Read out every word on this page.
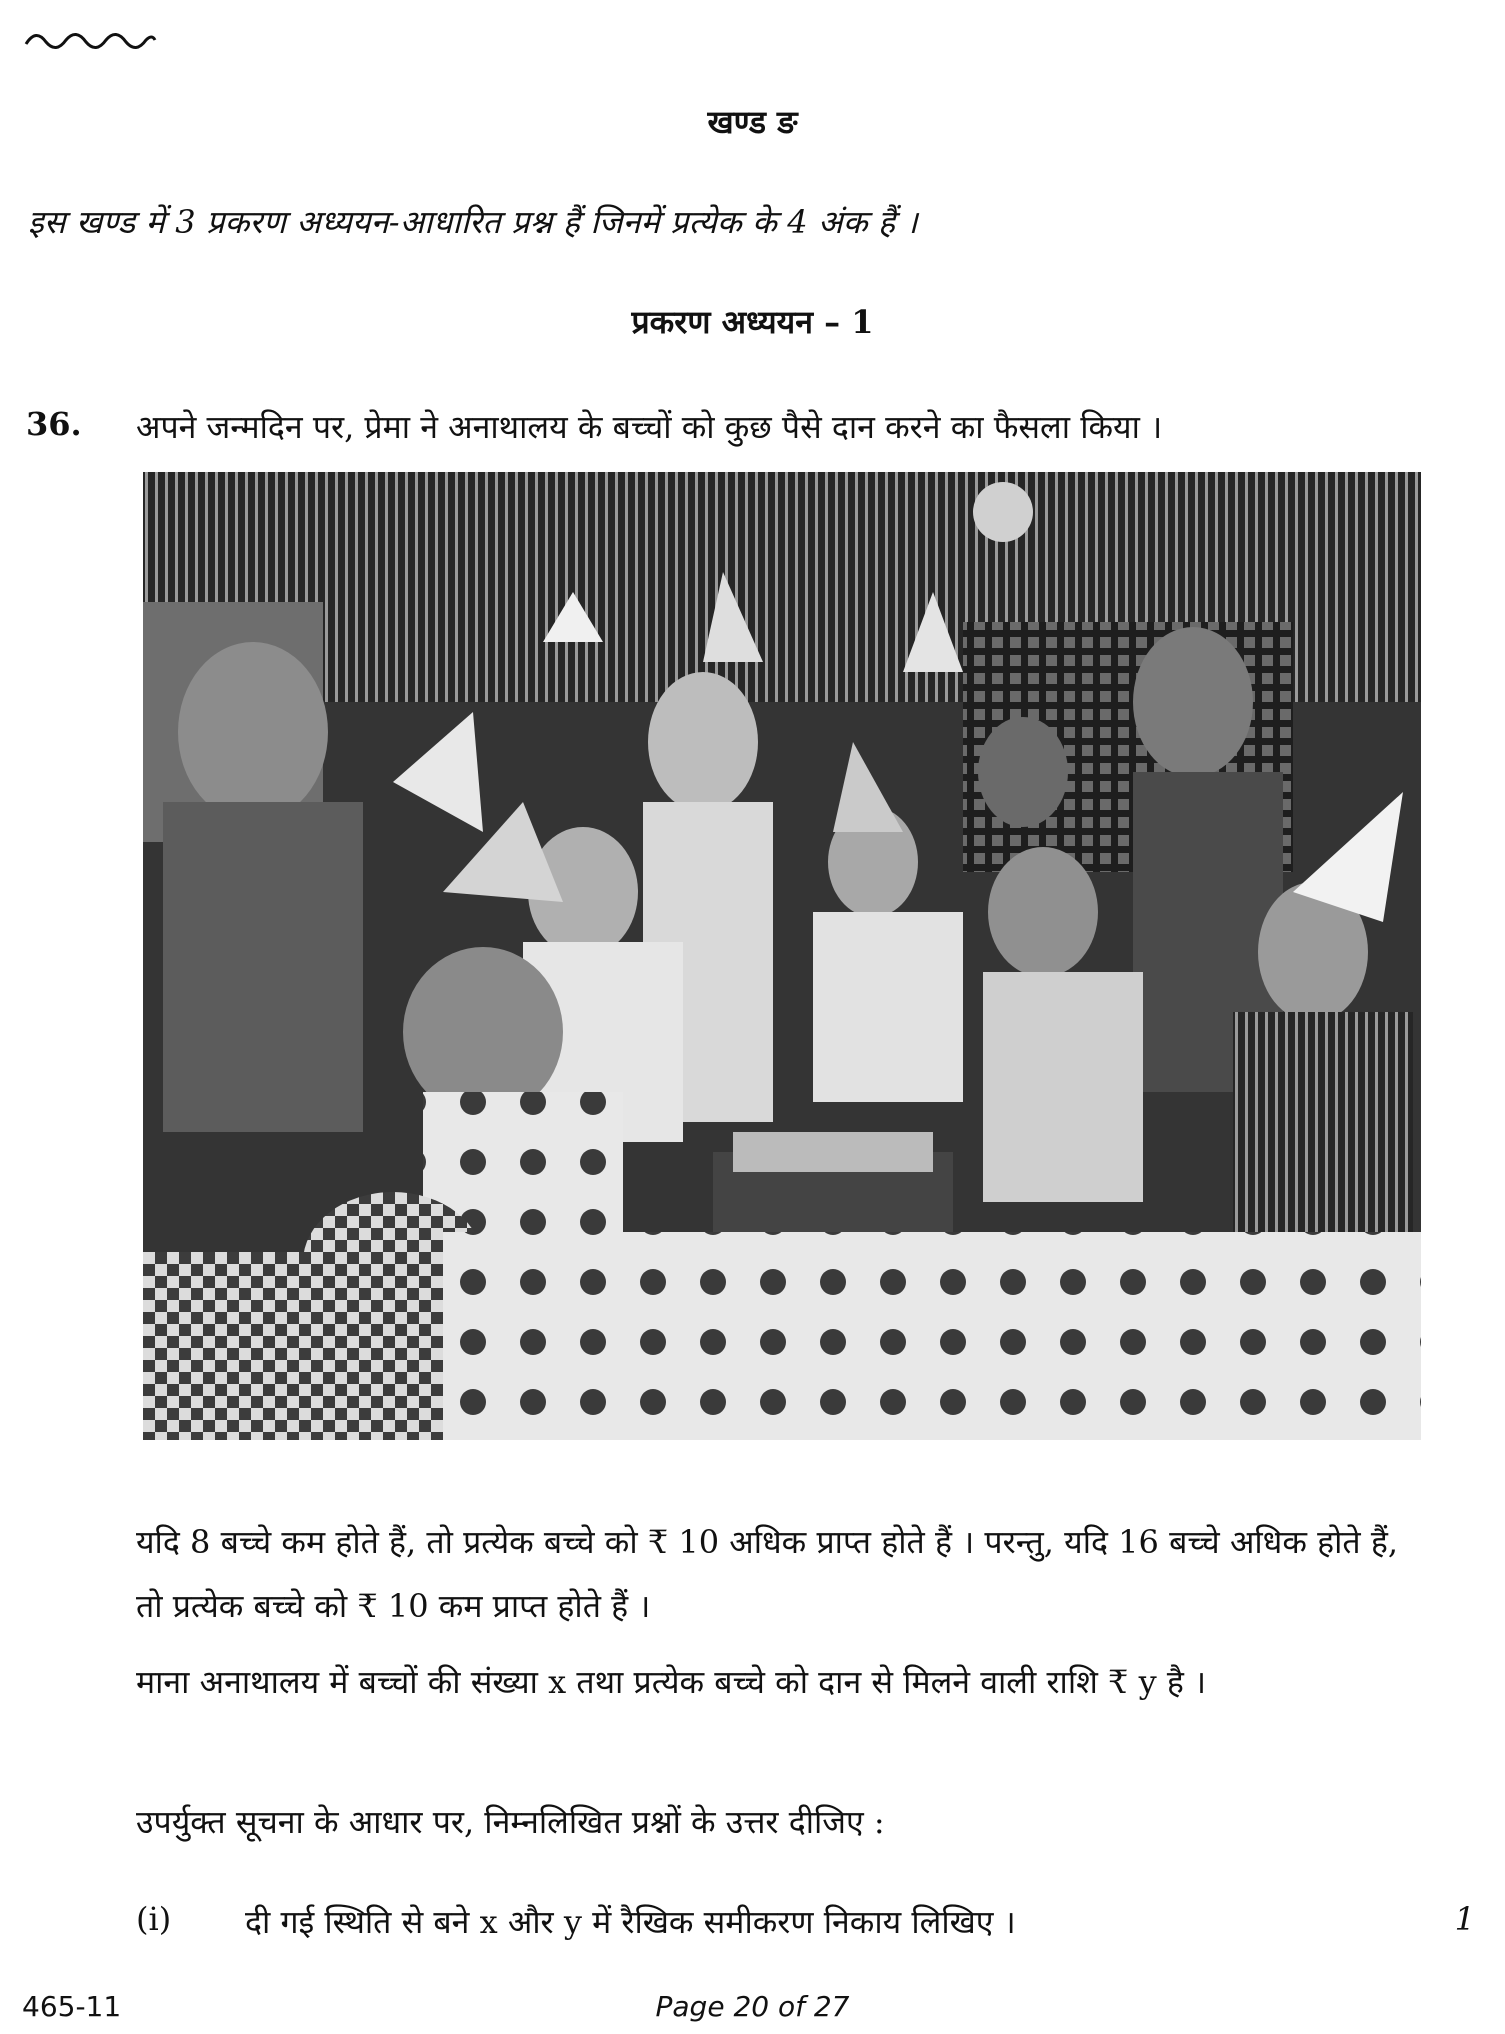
खण्ड ङ
इस खण्ड में 3 प्रकरण अध्ययन-आधारित प्रश्न हैं जिनमें प्रत्येक के 4 अंक हैं ।
प्रकरण अध्ययन – 1
36. अपने जन्मदिन पर, प्रेमा ने अनाथालय के बच्चों को कुछ पैसे दान करने का फैसला किया ।
यदि 8 बच्चे कम होते हैं, तो प्रत्येक बच्चे को ₹ 10 अधिक प्राप्त होते हैं । परन्तु, यदि 16 बच्चे अधिक होते हैं, तो प्रत्येक बच्चे को ₹ 10 कम प्राप्त होते हैं ।
माना अनाथालय में बच्चों की संख्या x तथा प्रत्येक बच्चे को दान से मिलने वाली राशि ₹ y है ।
उपर्युक्त सूचना के आधार पर, निम्नलिखित प्रश्नों के उत्तर दीजिए :
(i) दी गई स्थिति से बने x और y में रैखिक समीकरण निकाय लिखिए ।	1
465-11	Page 20 of 27
